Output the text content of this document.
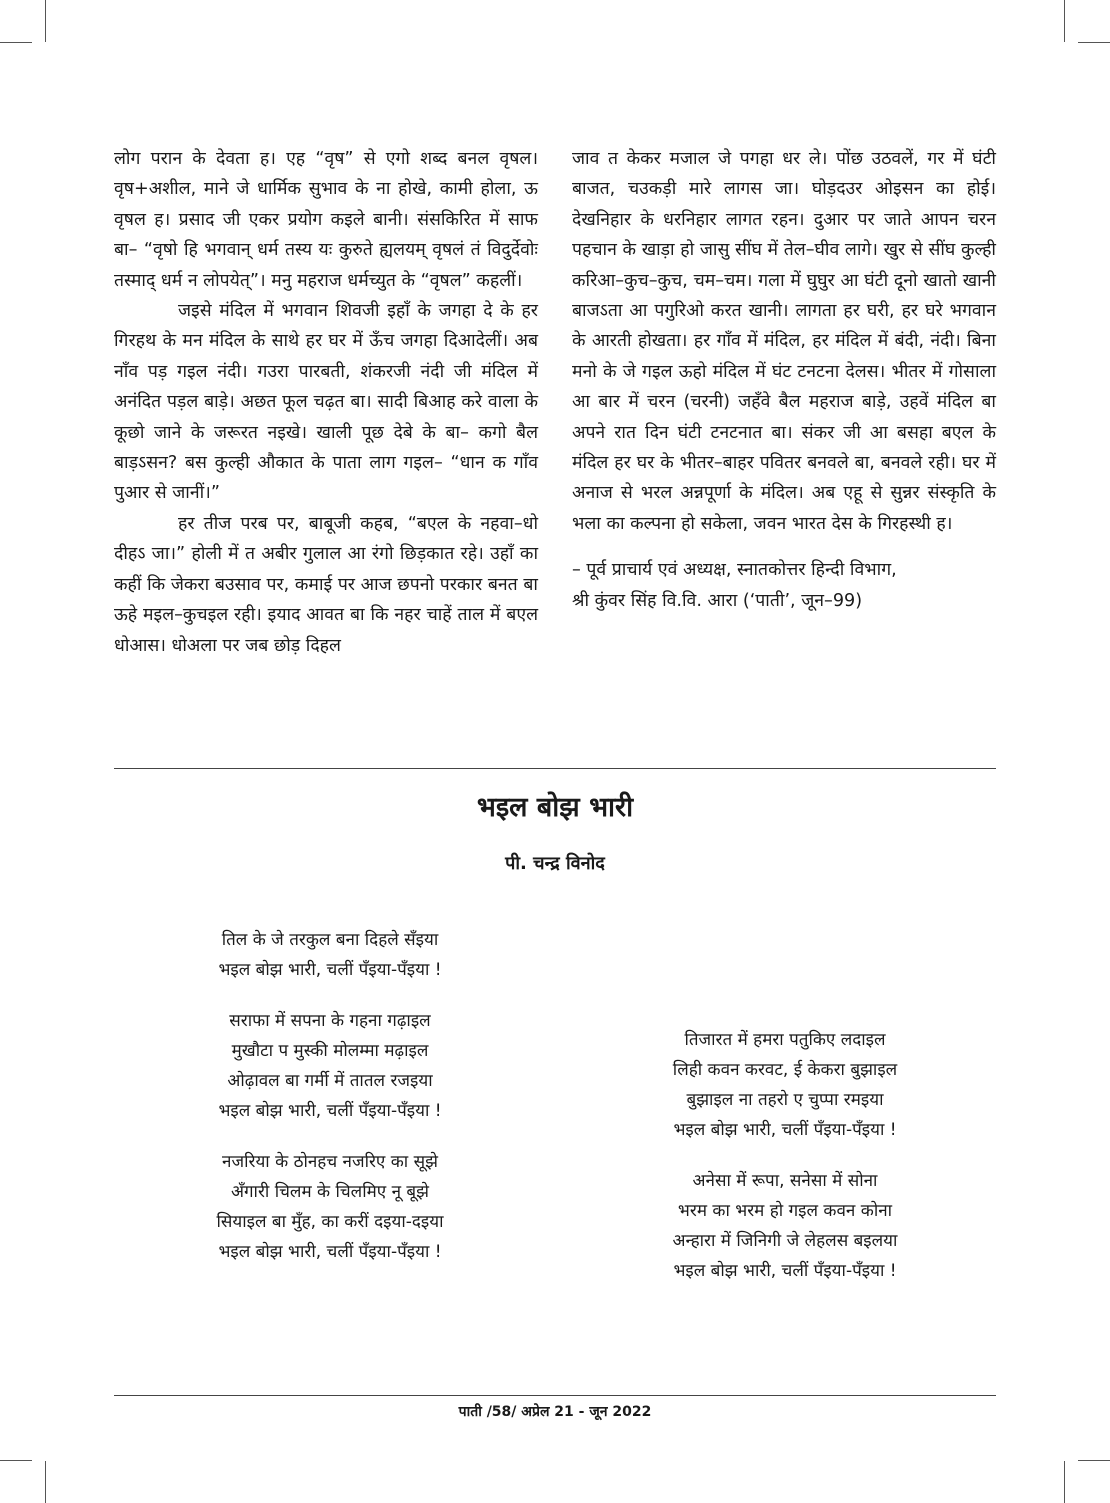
लोग परान के देवता ह। एह “वृष” से एगो शब्द बनल वृषल। वृष+अशील, माने जे धार्मिक सुभाव के ना होखे, कामी होला, ऊ वृषल ह। प्रसाद जी एकर प्रयोग कइले बानी। संसकिरित में साफ बा– “वृषो हि भगवान् धर्म तस्य यः कुरुते ह्यलयम् वृषलं तं विदुर्देवोः तस्माद् धर्म न लोपयेत्”। मनु महराज धर्मच्युत के “वृषल” कहलीं।

जइसे मंदिल में भगवान शिवजी इहाँ के जगहा दे के हर गिरहथ के मन मंदिल के साथे हर घर में ऊँच जगहा दिआदेलीं। अब नाँव पड़ गइल नंदी। गउरा पारबती, शंकरजी नंदी जी मंदिल में अनंदित पड़ल बाड़े। अछत फूल चढ़त बा। सादी बिआह करे वाला के कूछो जाने के जरूरत नइखे। खाली पूछ देबे के बा– कगो बैल बाड़ऽसन? बस कुल्ही औकात के पाता लाग गइल– “धान क गाँव पुआर से जानीं।”

हर तीज परब पर, बाबूजी कहब, “बएल के नहवा–धो दीहऽ जा।” होली में त अबीर गुलाल आ रंगो छिड़कात रहे। उहाँ का कहीं कि जेकरा बउसाव पर, कमाई पर आज छपनो परकार बनत बा ऊहे मइल–कुचइल रही। इयाद आवत बा कि नहर चाहें ताल में बएल धोआस। धोअला पर जब छोड़ दिहल

जाव त केकर मजाल जे पगहा धर ले। पोंछ उठवलें, गर में घंटी बाजत, चउकड़ी मारे लागस जा। घोड़दउर ओइसन का होई। देखनिहार के धरनिहार लागत रहन। दुआर पर जाते आपन चरन पहचान के खाड़ा हो जासु सींघ में तेल–घीव लागे। खुर से सींघ कुल्ही करिआ–कुच–कुच, चम–चम। गला में घुघुर आ घंटी दूनो खातो खानी बाजऽता आ पगुरिओ करत खानी। लागता हर घरी, हर घरे भगवान के आरती होखता। हर गाँव में मंदिल, हर मंदिल में बंदी, नंदी। बिना मनो के जे गइल ऊहो मंदिल में घंट टनटना देलस। भीतर में गोसाला आ बार में चरन (चरनी) जहँवे बैल महराज बाड़े, उहवें मंदिल बा अपने रात दिन घंटी टनटनात बा। संकर जी आ बसहा बएल के मंदिल हर घर के भीतर–बाहर पवितर बनवले बा, बनवले रही। घर में अनाज से भरल अन्नपूर्णा के मंदिल। अब एहू से सुन्नर संस्कृति के भला का कल्पना हो सकेला, जवन भारत देस के गिरहस्थी ह।

– पूर्व प्राचार्य एवं अध्यक्ष, स्नातकोत्तर हिन्दी विभाग,
श्री कुंवर सिंह वि.वि. आरा (‘पाती’, जून–99)

भइल बोझ भारी
पी. चन्द्र विनोद
तिल के जे तरकुल बना दिहले सँइया
भइल बोझ भारी, चलीं पँइया-पँइया !
सराफा में सपना के गहना गढ़ाइल
मुखौटा प मुस्की मोलम्मा मढ़ाइल
ओढ़ावल बा गर्मी में तातल रजइया
भइल बोझ भारी, चलीं पँइया-पँइया !
नजरिया के ठोनहच नजरिए का सूझे
अँगारी चिलम के चिलमिए नू बूझे
सियाइल बा मुँह, का करीं दइया-दइया
भइल बोझ भारी, चलीं पँइया-पँइया !
तिजारत में हमरा पतुकिए लदाइल
लिही कवन करवट, ई केकरा बुझाइल
बुझाइल ना तहरो ए चुप्पा रमइया
भइल बोझ भारी, चलीं पँइया-पँइया !
अनेसा में रूपा, सनेसा में सोना
भरम का भरम हो गइल कवन कोना
अन्हारा में जिनिगी जे लेहलस बइलया
भइल बोझ भारी, चलीं पँइया-पँइया !
पाती /58/ अप्रेल 21 - जून 2022
